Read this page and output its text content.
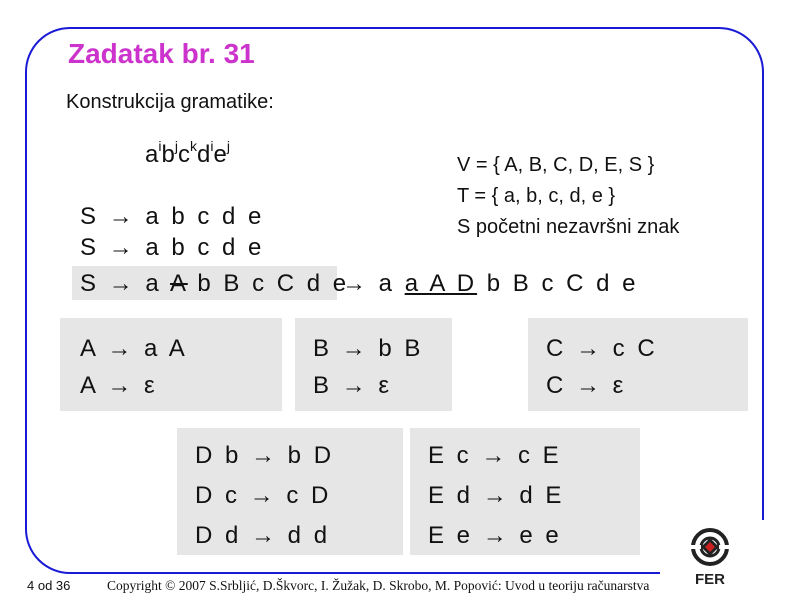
Zadatak br. 31
Konstrukcija gramatike:
$a^ib^jc^kd^ie^j$
V = { A, B, C, D, E, S }
T = { a, b, c, d, e }
S početni nezavršni znak
S → a b c d e
S → a b c d e
S → a A b B c C d e
→ a a A D b B c C d e
A → a A
A → ε
B → b B
B → ε
C → c C
C → ε
D b → b D
D c → c D
D d → d d
E c → c E
E d → d E
E e → e e
4 od 36	Copyright © 2007 S.Srbljić, D.Škvorc, I. Žužak, D. Skrobo, M. Popović: Uvod u teoriju računarstva	FER
